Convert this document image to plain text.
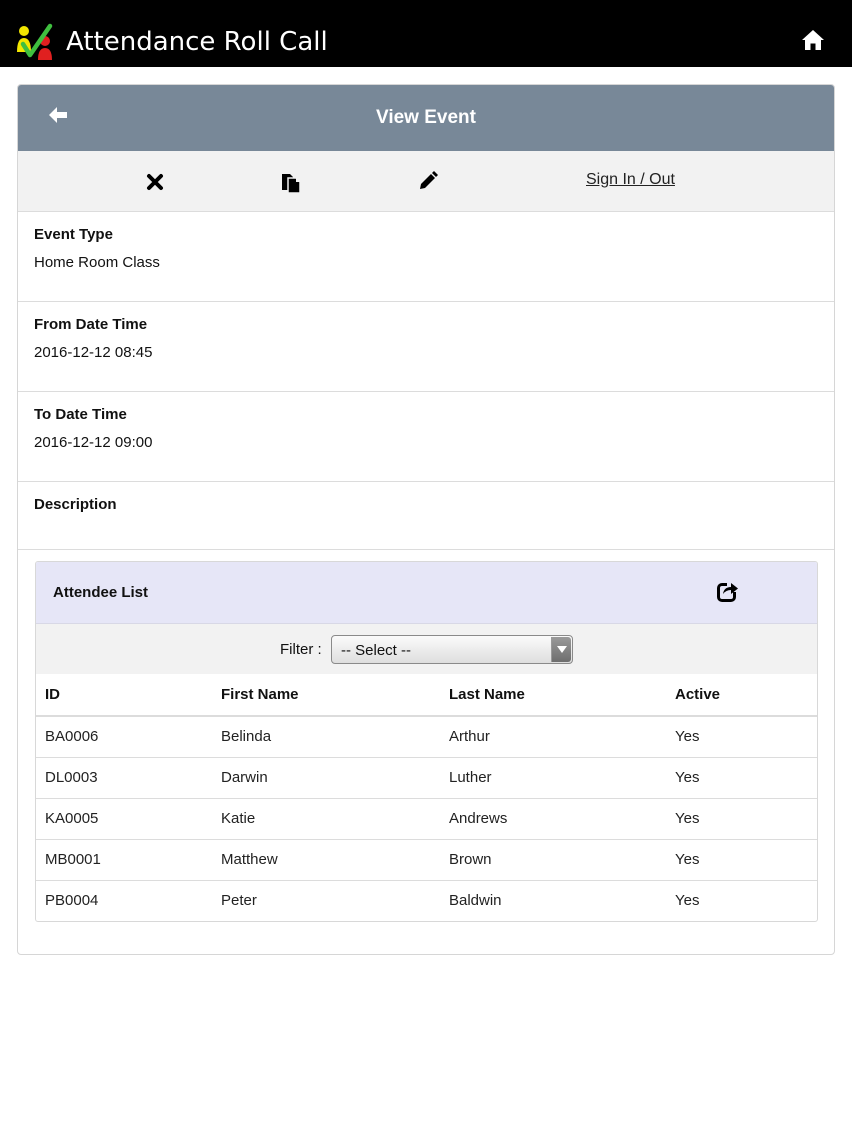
Attendance Roll Call
View Event
Sign In / Out
Event Type
Home Room Class
From Date Time
2016-12-12 08:45
To Date Time
2016-12-12 09:00
Description
Attendee List
Filter : -- Select --
ID	First Name	Last Name	Active
BA0006	Belinda	Arthur	Yes
DL0003	Darwin	Luther	Yes
KA0005	Katie	Andrews	Yes
MB0001	Matthew	Brown	Yes
PB0004	Peter	Baldwin	Yes
